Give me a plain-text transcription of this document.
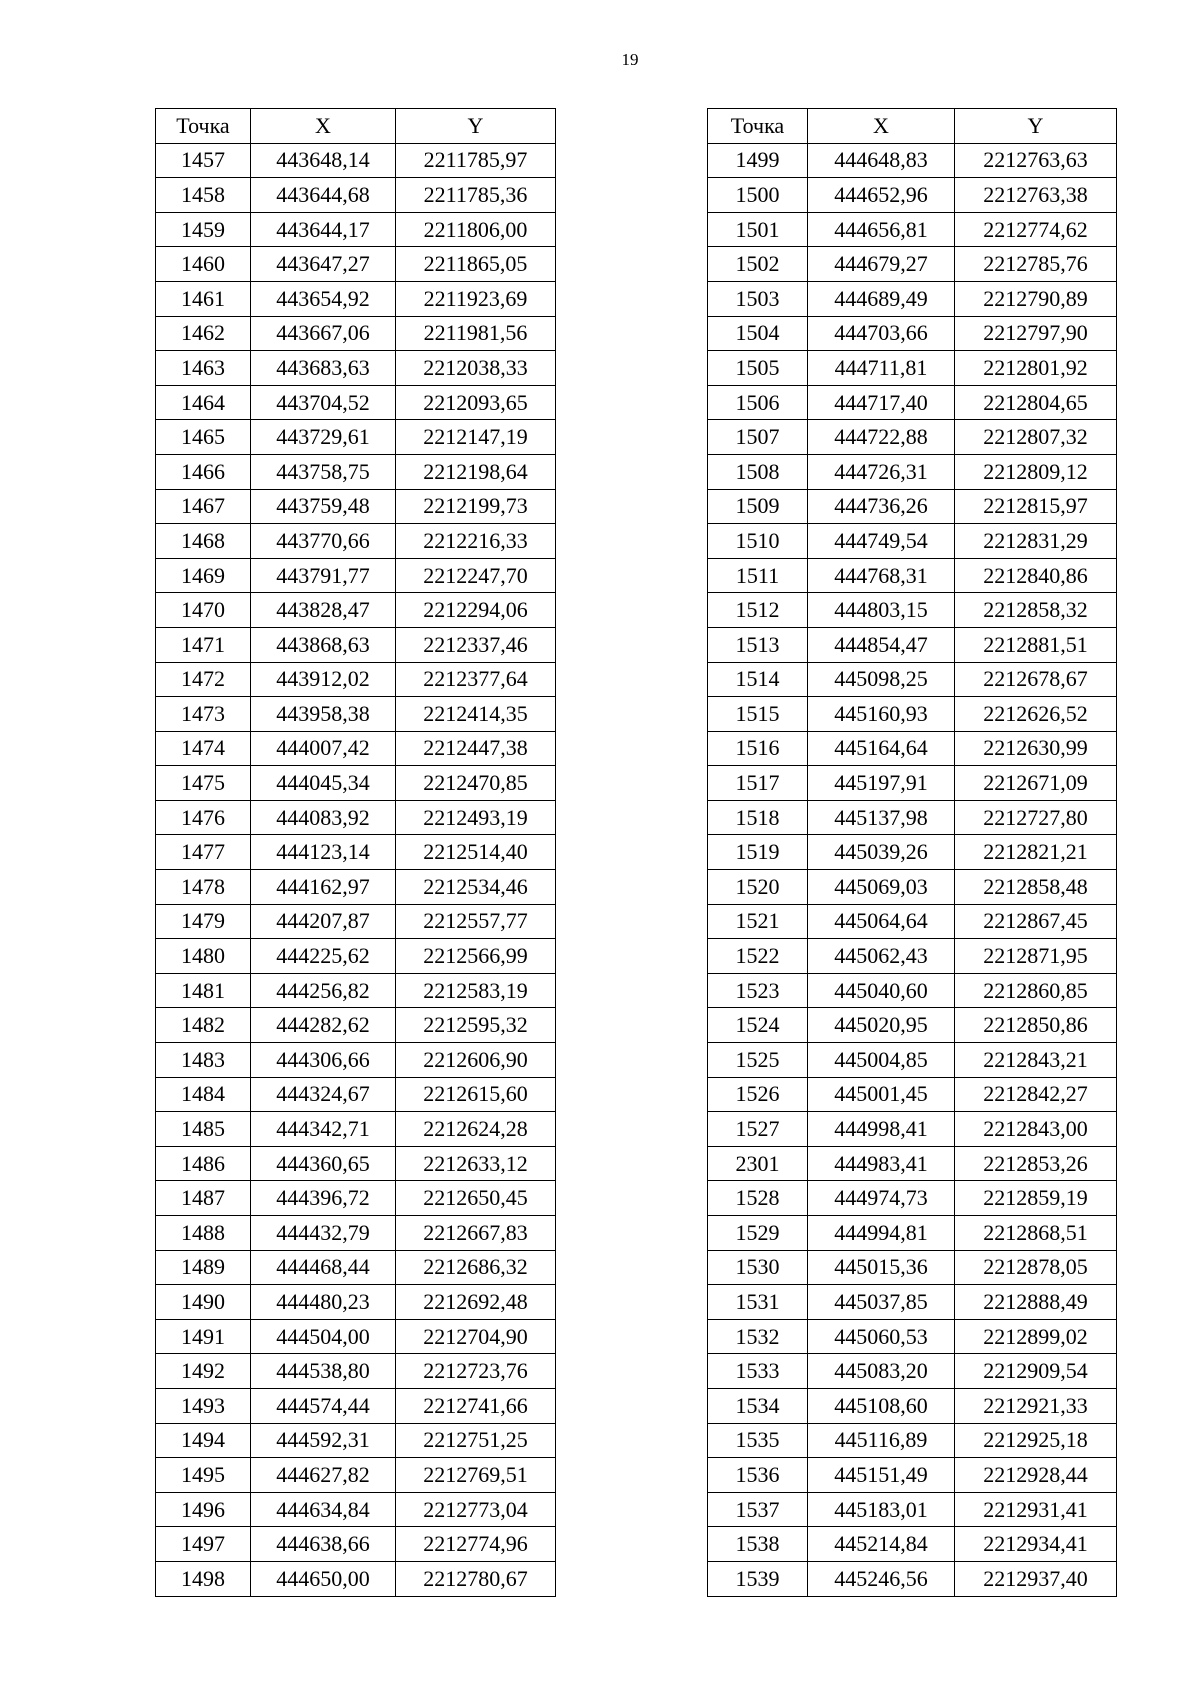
19
Точка	X	Y
1457	443648,14	2211785,97
1458	443644,68	2211785,36
1459	443644,17	2211806,00
1460	443647,27	2211865,05
1461	443654,92	2211923,69
1462	443667,06	2211981,56
1463	443683,63	2212038,33
1464	443704,52	2212093,65
1465	443729,61	2212147,19
1466	443758,75	2212198,64
1467	443759,48	2212199,73
1468	443770,66	2212216,33
1469	443791,77	2212247,70
1470	443828,47	2212294,06
1471	443868,63	2212337,46
1472	443912,02	2212377,64
1473	443958,38	2212414,35
1474	444007,42	2212447,38
1475	444045,34	2212470,85
1476	444083,92	2212493,19
1477	444123,14	2212514,40
1478	444162,97	2212534,46
1479	444207,87	2212557,77
1480	444225,62	2212566,99
1481	444256,82	2212583,19
1482	444282,62	2212595,32
1483	444306,66	2212606,90
1484	444324,67	2212615,60
1485	444342,71	2212624,28
1486	444360,65	2212633,12
1487	444396,72	2212650,45
1488	444432,79	2212667,83
1489	444468,44	2212686,32
1490	444480,23	2212692,48
1491	444504,00	2212704,90
1492	444538,80	2212723,76
1493	444574,44	2212741,66
1494	444592,31	2212751,25
1495	444627,82	2212769,51
1496	444634,84	2212773,04
1497	444638,66	2212774,96
1498	444650,00	2212780,67
Точка	X	Y
1499	444648,83	2212763,63
1500	444652,96	2212763,38
1501	444656,81	2212774,62
1502	444679,27	2212785,76
1503	444689,49	2212790,89
1504	444703,66	2212797,90
1505	444711,81	2212801,92
1506	444717,40	2212804,65
1507	444722,88	2212807,32
1508	444726,31	2212809,12
1509	444736,26	2212815,97
1510	444749,54	2212831,29
1511	444768,31	2212840,86
1512	444803,15	2212858,32
1513	444854,47	2212881,51
1514	445098,25	2212678,67
1515	445160,93	2212626,52
1516	445164,64	2212630,99
1517	445197,91	2212671,09
1518	445137,98	2212727,80
1519	445039,26	2212821,21
1520	445069,03	2212858,48
1521	445064,64	2212867,45
1522	445062,43	2212871,95
1523	445040,60	2212860,85
1524	445020,95	2212850,86
1525	445004,85	2212843,21
1526	445001,45	2212842,27
1527	444998,41	2212843,00
2301	444983,41	2212853,26
1528	444974,73	2212859,19
1529	444994,81	2212868,51
1530	445015,36	2212878,05
1531	445037,85	2212888,49
1532	445060,53	2212899,02
1533	445083,20	2212909,54
1534	445108,60	2212921,33
1535	445116,89	2212925,18
1536	445151,49	2212928,44
1537	445183,01	2212931,41
1538	445214,84	2212934,41
1539	445246,56	2212937,40
